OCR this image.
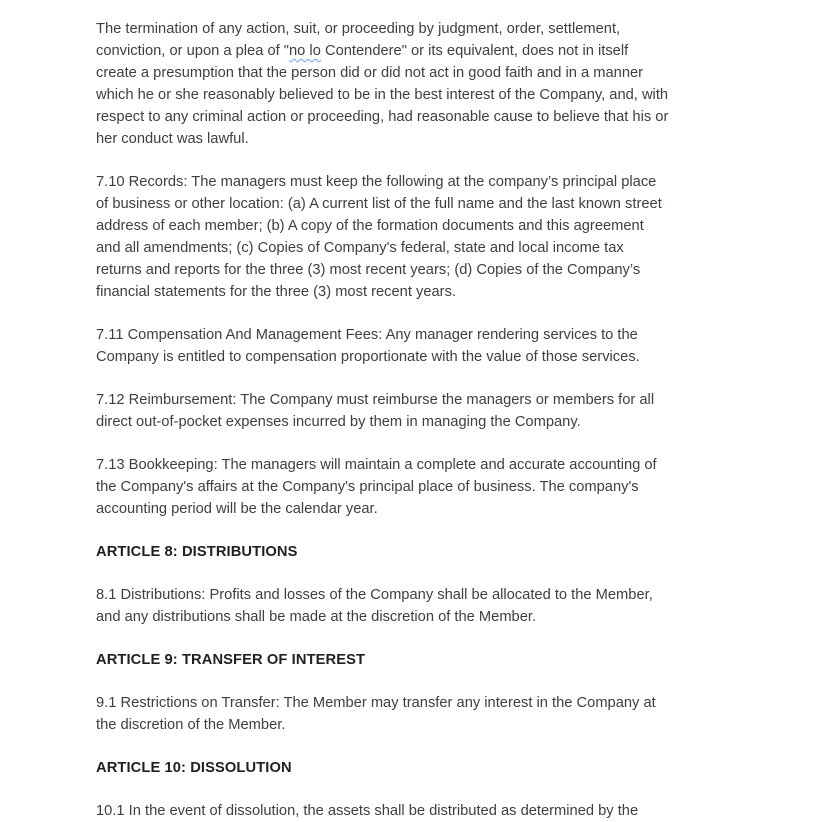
The termination of any action, suit, or proceeding by judgment, order, settlement,
conviction, or upon a plea of "no lo Contendere" or its equivalent, does not in itself
create a presumption that the person did or did not act in good faith and in a manner
which he or she reasonably believed to be in the best interest of the Company, and, with
respect to any criminal action or proceeding, had reasonable cause to believe that his or
her conduct was lawful.
7.10 Records: The managers must keep the following at the company’s principal place
of business or other location: (a) A current list of the full name and the last known street
address of each member; (b) A copy of the formation documents and this agreement
and all amendments; (c) Copies of Company's federal, state and local income tax
returns and reports for the three (3) most recent years; (d) Copies of the Company’s
financial statements for the three (3) most recent years.
7.11 Compensation And Management Fees: Any manager rendering services to the
Company is entitled to compensation proportionate with the value of those services.
7.12 Reimbursement: The Company must reimburse the managers or members for all
direct out-of-pocket expenses incurred by them in managing the Company.
7.13 Bookkeeping: The managers will maintain a complete and accurate accounting of
the Company's affairs at the Company's principal place of business. The company's
accounting period will be the calendar year.
ARTICLE 8: DISTRIBUTIONS
8.1 Distributions: Profits and losses of the Company shall be allocated to the Member,
and any distributions shall be made at the discretion of the Member.
ARTICLE 9: TRANSFER OF INTEREST
9.1 Restrictions on Transfer: The Member may transfer any interest in the Company at
the discretion of the Member.
ARTICLE 10: DISSOLUTION
10.1 In the event of dissolution, the assets shall be distributed as determined by the
